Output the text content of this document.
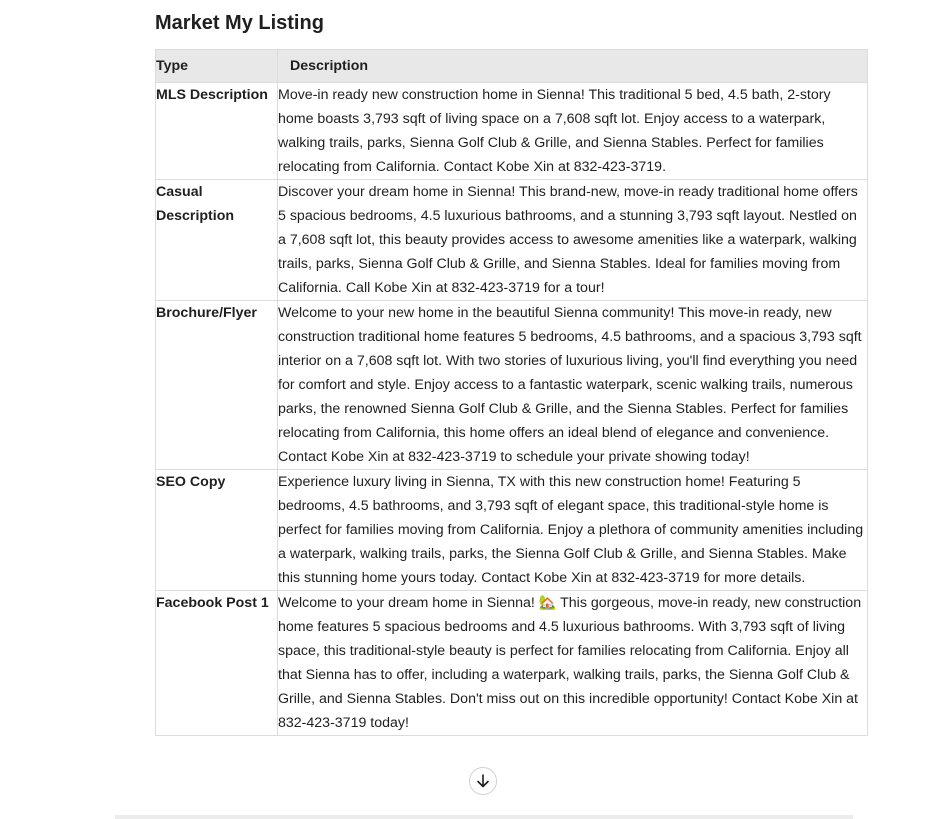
Market My Listing
Type	Description
MLS Description	Move-in ready new construction home in Sienna! This traditional 5 bed, 4.5 bath, 2-story home boasts 3,793 sqft of living space on a 7,608 sqft lot. Enjoy access to a waterpark, walking trails, parks, Sienna Golf Club & Grille, and Sienna Stables. Perfect for families relocating from California. Contact Kobe Xin at 832-423-3719.
Casual Description	Discover your dream home in Sienna! This brand-new, move-in ready traditional home offers 5 spacious bedrooms, 4.5 luxurious bathrooms, and a stunning 3,793 sqft layout. Nestled on a 7,608 sqft lot, this beauty provides access to awesome amenities like a waterpark, walking trails, parks, Sienna Golf Club & Grille, and Sienna Stables. Ideal for families moving from California. Call Kobe Xin at 832-423-3719 for a tour!
Brochure/Flyer	Welcome to your new home in the beautiful Sienna community! This move-in ready, new construction traditional home features 5 bedrooms, 4.5 bathrooms, and a spacious 3,793 sqft interior on a 7,608 sqft lot. With two stories of luxurious living, you'll find everything you need for comfort and style. Enjoy access to a fantastic waterpark, scenic walking trails, numerous parks, the renowned Sienna Golf Club & Grille, and the Sienna Stables. Perfect for families relocating from California, this home offers an ideal blend of elegance and convenience. Contact Kobe Xin at 832-423-3719 to schedule your private showing today!
SEO Copy	Experience luxury living in Sienna, TX with this new construction home! Featuring 5 bedrooms, 4.5 bathrooms, and 3,793 sqft of elegant space, this traditional-style home is perfect for families moving from California. Enjoy a plethora of community amenities including a waterpark, walking trails, parks, the Sienna Golf Club & Grille, and Sienna Stables. Make this stunning home yours today. Contact Kobe Xin at 832-423-3719 for more details.
Facebook Post 1	Welcome to your dream home in Sienna! 🏡 This gorgeous, move-in ready, new construction home features 5 spacious bedrooms and 4.5 luxurious bathrooms. With 3,793 sqft of living space, this traditional-style beauty is perfect for families relocating from California. Enjoy all that Sienna has to offer, including a waterpark, walking trails, parks, the Sienna Golf Club & Grille, and Sienna Stables. Don't miss out on this incredible opportunity! Contact Kobe Xin at 832-423-3719 today!
